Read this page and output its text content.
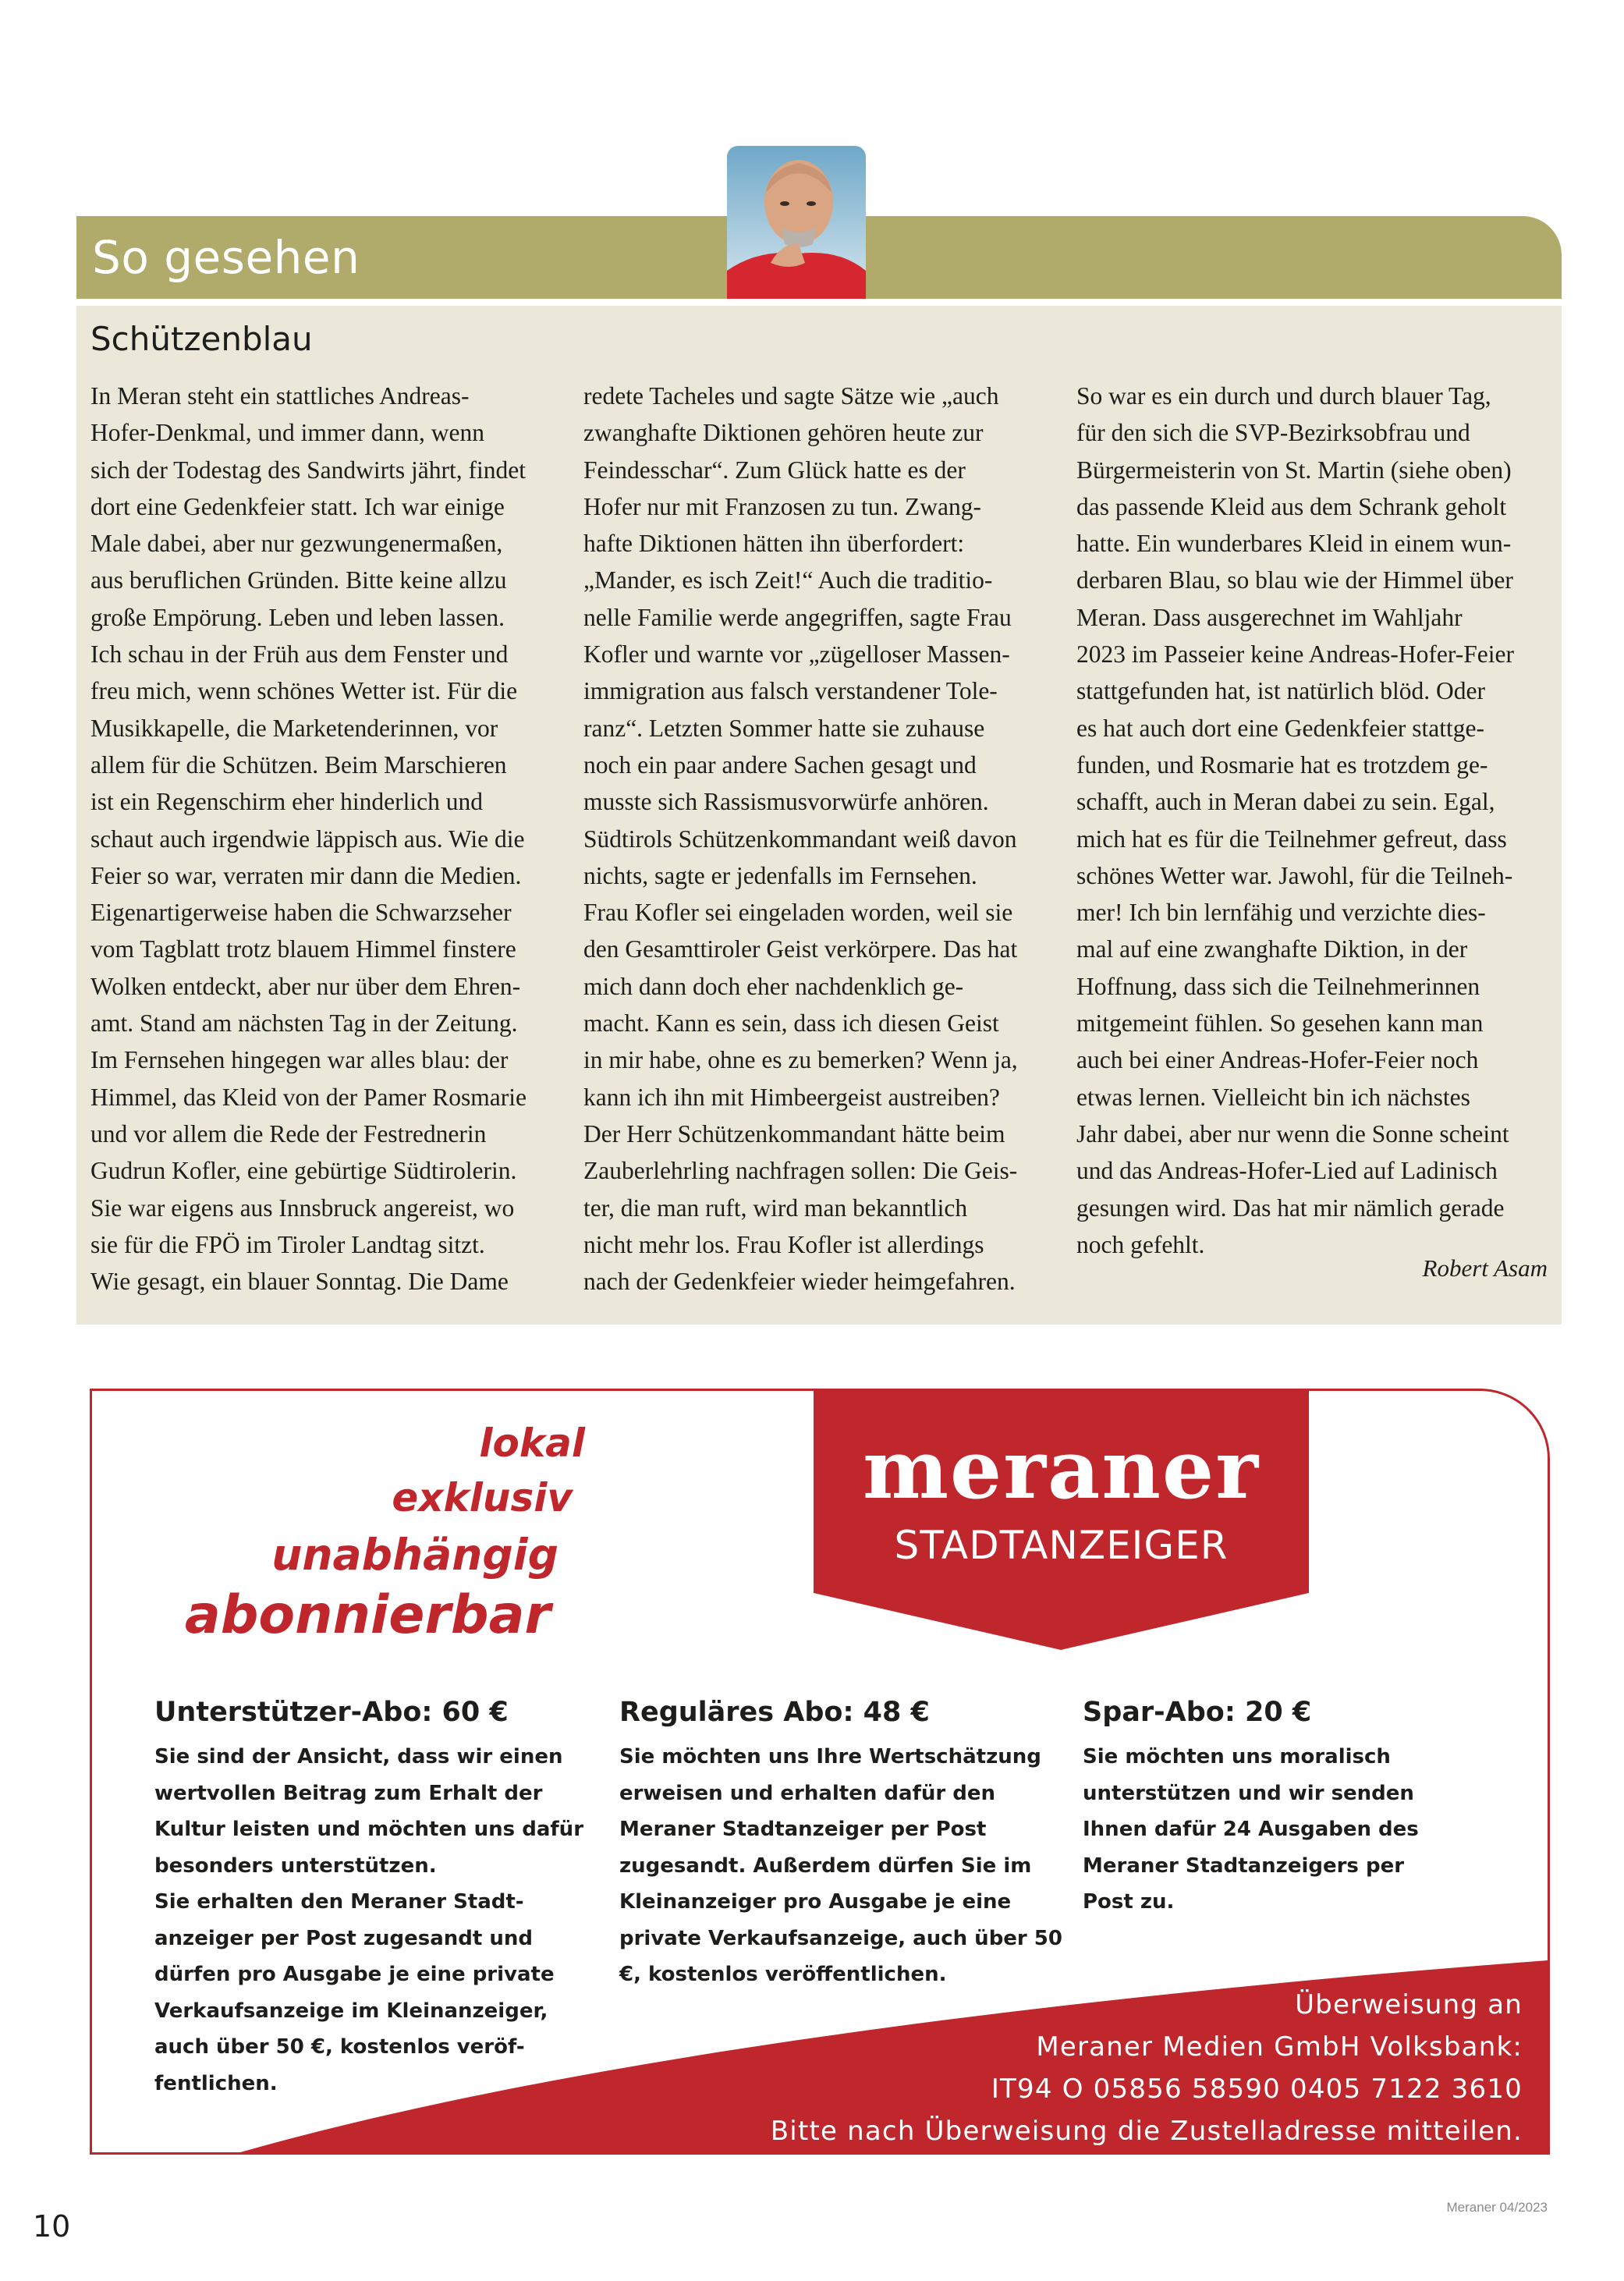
So gesehen
Schützenblau
In Meran steht ein stattliches Andreas-
Hofer-Denkmal, und immer dann, wenn
sich der Todestag des Sandwirts jährt, findet
dort eine Gedenkfeier statt. Ich war einige
Male dabei, aber nur gezwungenermaßen,
aus beruflichen Gründen. Bitte keine allzu
große Empörung. Leben und leben lassen.
Ich schau in der Früh aus dem Fenster und
freu mich, wenn schönes Wetter ist. Für die
Musikkapelle, die Marketenderinnen, vor
allem für die Schützen. Beim Marschieren
ist ein Regenschirm eher hinderlich und
schaut auch irgendwie läppisch aus. Wie die
Feier so war, verraten mir dann die Medien.
Eigenartigerweise haben die Schwarzseher
vom Tagblatt trotz blauem Himmel finstere
Wolken entdeckt, aber nur über dem Ehren-
amt. Stand am nächsten Tag in der Zeitung.
Im Fernsehen hingegen war alles blau: der
Himmel, das Kleid von der Pamer Rosmarie
und vor allem die Rede der Festrednerin
Gudrun Kofler, eine gebürtige Südtirolerin.
Sie war eigens aus Innsbruck angereist, wo
sie für die FPÖ im Tiroler Landtag sitzt.
Wie gesagt, ein blauer Sonntag. Die Dame
redete Tacheles und sagte Sätze wie „auch
zwanghafte Diktionen gehören heute zur
Feindesschar“. Zum Glück hatte es der
Hofer nur mit Franzosen zu tun. Zwang-
hafte Diktionen hätten ihn überfordert:
„Mander, es isch Zeit!“ Auch die traditio-
nelle Familie werde angegriffen, sagte Frau
Kofler und warnte vor „zügelloser Massen-
immigration aus falsch verstandener Tole-
ranz“. Letzten Sommer hatte sie zuhause
noch ein paar andere Sachen gesagt und
musste sich Rassismusvorwürfe anhören.
Südtirols Schützenkommandant weiß davon
nichts, sagte er jedenfalls im Fernsehen.
Frau Kofler sei eingeladen worden, weil sie
den Gesamttiroler Geist verkörpere. Das hat
mich dann doch eher nachdenklich ge-
macht. Kann es sein, dass ich diesen Geist
in mir habe, ohne es zu bemerken? Wenn ja,
kann ich ihn mit Himbeergeist austreiben?
Der Herr Schützenkommandant hätte beim
Zauberlehrling nachfragen sollen: Die Geis-
ter, die man ruft, wird man bekanntlich
nicht mehr los. Frau Kofler ist allerdings
nach der Gedenkfeier wieder heimgefahren.
So war es ein durch und durch blauer Tag,
für den sich die SVP-Bezirksobfrau und
Bürgermeisterin von St. Martin (siehe oben)
das passende Kleid aus dem Schrank geholt
hatte. Ein wunderbares Kleid in einem wun-
derbaren Blau, so blau wie der Himmel über
Meran. Dass ausgerechnet im Wahljahr
2023 im Passeier keine Andreas-Hofer-Feier
stattgefunden hat, ist natürlich blöd. Oder
es hat auch dort eine Gedenkfeier stattge-
funden, und Rosmarie hat es trotzdem ge-
schafft, auch in Meran dabei zu sein. Egal,
mich hat es für die Teilnehmer gefreut, dass
schönes Wetter war. Jawohl, für die Teilneh-
mer! Ich bin lernfähig und verzichte dies-
mal auf eine zwanghafte Diktion, in der
Hoffnung, dass sich die Teilnehmerinnen
mitgemeint fühlen. So gesehen kann man
auch bei einer Andreas-Hofer-Feier noch
etwas lernen. Vielleicht bin ich nächstes
Jahr dabei, aber nur wenn die Sonne scheint
und das Andreas-Hofer-Lied auf Ladinisch
gesungen wird. Das hat mir nämlich gerade
noch gefehlt.
Robert Asam
lokal
exklusiv
unabhängig
abonnierbar
meraner
STADTANZEIGER
Unterstützer-Abo: 60 €
Sie sind der Ansicht, dass wir einen
wertvollen Beitrag zum Erhalt der
Kultur leisten und möchten uns dafür
besonders unterstützen.
Sie erhalten den Meraner Stadt-
anzeiger per Post zugesandt und
dürfen pro Ausgabe je eine private
Verkaufsanzeige im Kleinanzeiger,
auch über 50 €, kostenlos veröf-
fentlichen.
Reguläres Abo: 48 €
Sie möchten uns Ihre Wertschätzung
erweisen und erhalten dafür den
Meraner Stadtanzeiger per Post
zugesandt. Außerdem dürfen Sie im
Kleinanzeiger pro Ausgabe je eine
private Verkaufsanzeige, auch über 50
€, kostenlos veröffentlichen.
Spar-Abo: 20 €
Sie möchten uns moralisch
unterstützen und wir senden
Ihnen dafür 24 Ausgaben des
Meraner Stadtanzeigers per
Post zu.
Überweisung an
Meraner Medien GmbH Volksbank:
IT94 O 05856 58590 0405 7122 3610
Bitte nach Überweisung die Zustelladresse mitteilen.
10
Meraner 04/2023
